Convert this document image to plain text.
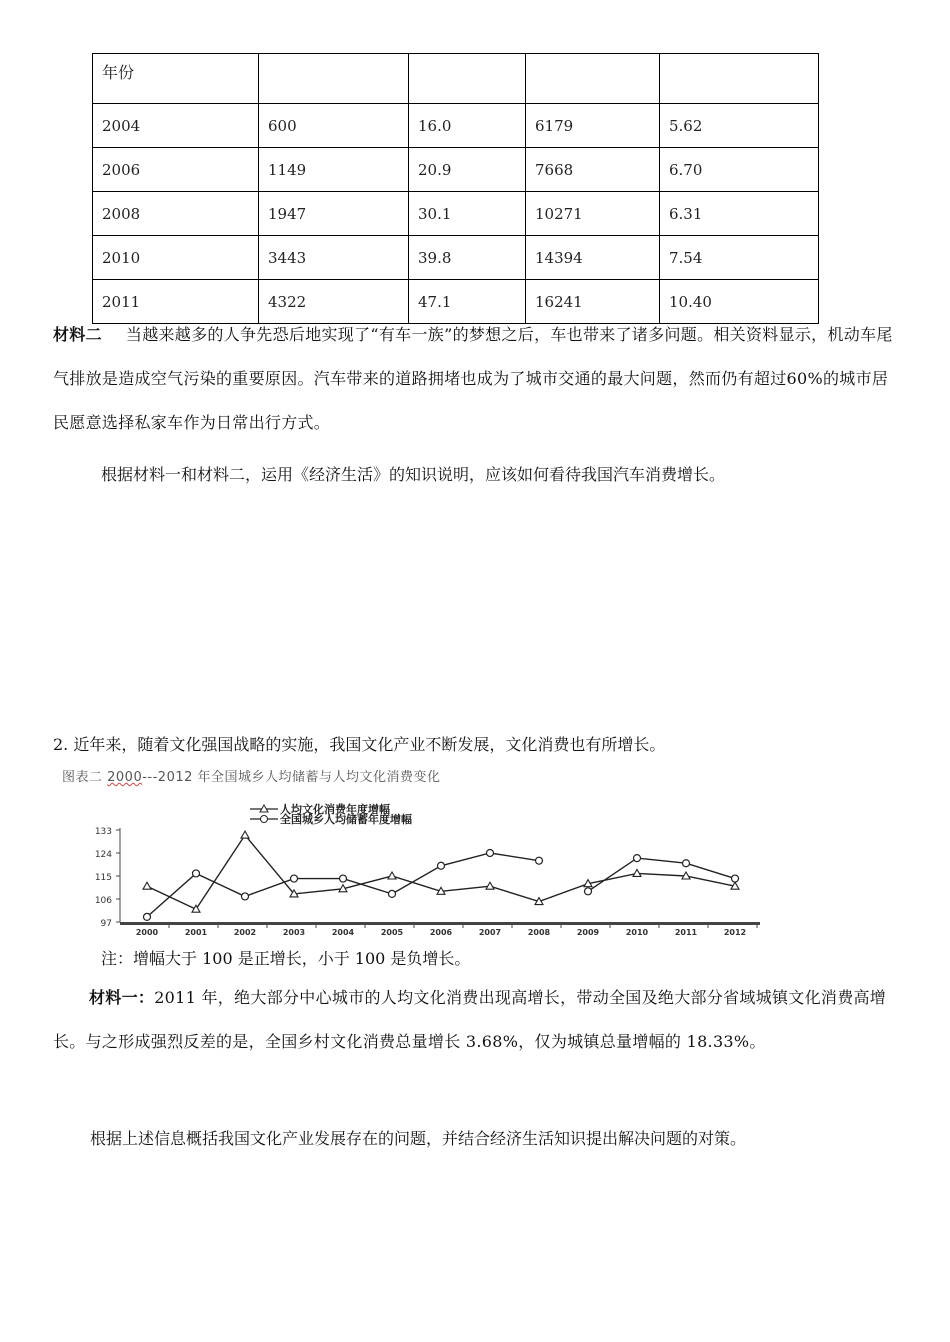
年份				
2004	600	16.0	6179	5.62
2006	1149	20.9	7668	6.70
2008	1947	30.1	10271	6.31
2010	3443	39.8	14394	7.54
2011	4322	47.1	16241	10.40
材料二 当越来越多的人争先恐后地实现了“有车一族”的梦想之后，车也带来了诸多问题。相关资料显示，机动车尾气排放是造成空气污染的重要原因。汽车带来的道路拥堵也成为了城市交通的最大问题，然而仍有超过60%的城市居民愿意选择私家车作为日常出行方式。
根据材料一和材料二，运用《经济生活》的知识说明，应该如何看待我国汽车消费增长。
2. 近年来，随着文化强国战略的实施，我国文化产业不断发展，文化消费也有所增长。
图表二 2000---2012 年全国城乡人均储蓄与人均文化消费变化
133
124
115
106
97
2000	2001	2002	2003	2004	2005	2006	2007	2008	2009	2010	2011	2012
人均文化消费年度增幅
全国城乡人均储蓄年度增幅
注：增幅大于 100 是正增长，小于 100 是负增长。
材料一：2011 年，绝大部分中心城市的人均文化消费出现高增长，带动全国及绝大部分省域城镇文化消费高增长。与之形成强烈反差的是，全国乡村文化消费总量增长 3.68%，仅为城镇总量增幅的 18.33%。
根据上述信息概括我国文化产业发展存在的问题，并结合经济生活知识提出解决问题的对策。
